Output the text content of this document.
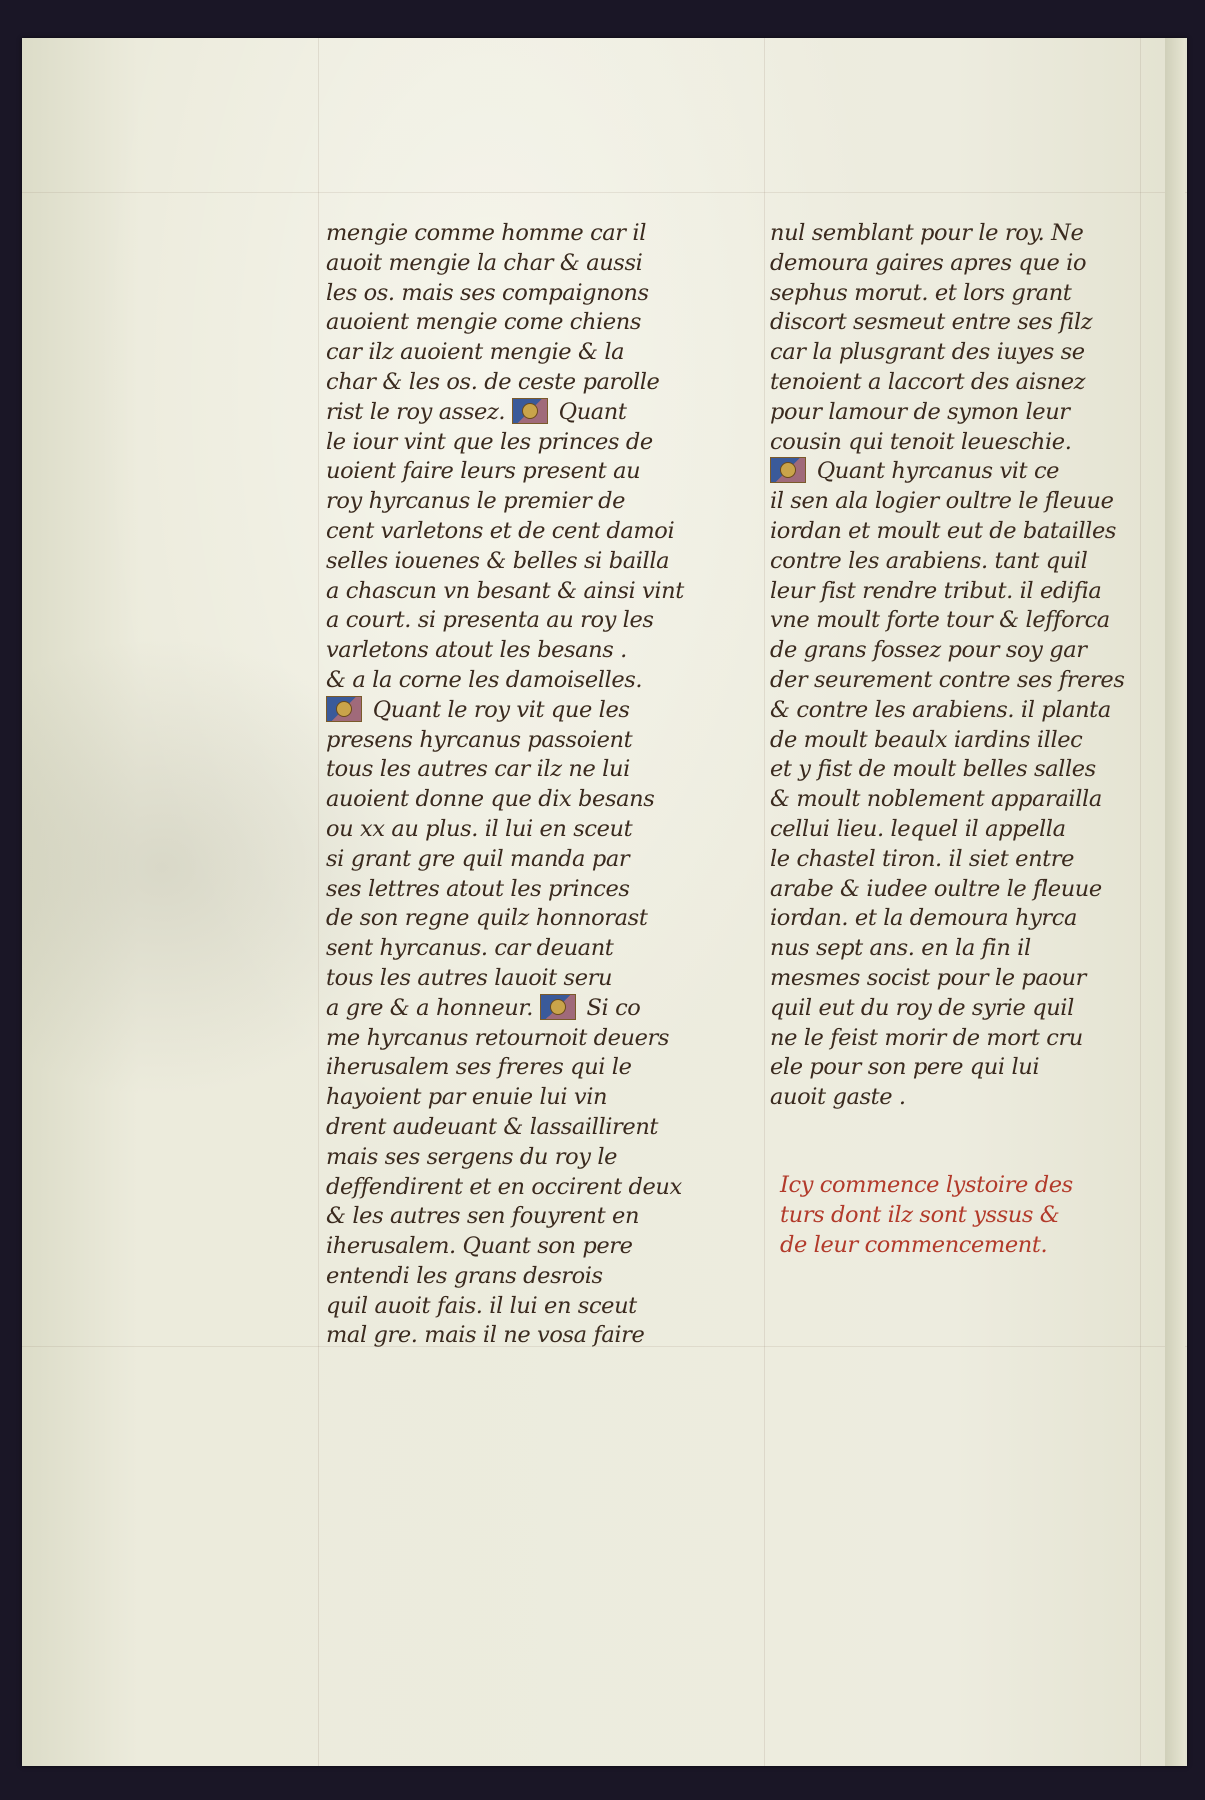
mengie comme homme car il
auoit mengie la char & aussi
les os. mais ses compaignons
auoient mengie come chiens
car ilz auoient mengie & la
char & les os. de ceste parolle
rist le roy assez.  Quant
le iour vint que les princes de
uoient faire leurs present au
roy hyrcanus le premier de
cent varletons et de cent damoi
selles iouenes & belles si bailla
a chascun vn besant & ainsi vint
a court. si presenta au roy les
varletons atout les besans .
& a la corne les damoiselles.
Quant le roy vit que les
presens hyrcanus passoient
tous les autres car ilz ne lui
auoient donne que dix besans
ou xx au plus. il lui en sceut
si grant gre quil manda par
ses lettres atout les princes
de son regne quilz honnorast
sent hyrcanus. car deuant
tous les autres lauoit seru
a gre & a honneur.  Si co
me hyrcanus retournoit deuers
iherusalem ses freres qui le
hayoient par enuie lui vin
drent audeuant & lassaillirent
mais ses sergens du roy le
deffendirent et en occirent deux
& les autres sen fouyrent en
iherusalem. Quant son pere
entendi les grans desrois
quil auoit fais. il lui en sceut
mal gre. mais il ne vosa faire
nul semblant pour le roy. Ne
demoura gaires apres que io
sephus morut. et lors grant
discort sesmeut entre ses filz
car la plusgrant des iuyes se
tenoient a laccort des aisnez
pour lamour de symon leur
cousin qui tenoit leueschie.
Quant hyrcanus vit ce
il sen ala logier oultre le fleuue
iordan et moult eut de batailles
contre les arabiens. tant quil
leur fist rendre tribut. il edifia
vne moult forte tour & lefforca
de grans fossez pour soy gar
der seurement contre ses freres
& contre les arabiens. il planta
de moult beaulx iardins illec
et y fist de moult belles salles
& moult noblement apparailla
cellui lieu. lequel il appella
le chastel tiron. il siet entre
arabe & iudee oultre le fleuue
iordan. et la demoura hyrca
nus sept ans. en la fin il
mesmes socist pour le paour
quil eut du roy de syrie quil
ne le feist morir de mort cru
ele pour son pere qui lui
auoit gaste .
Icy commence lystoire des
turs dont ilz sont yssus &
de leur commencement.
